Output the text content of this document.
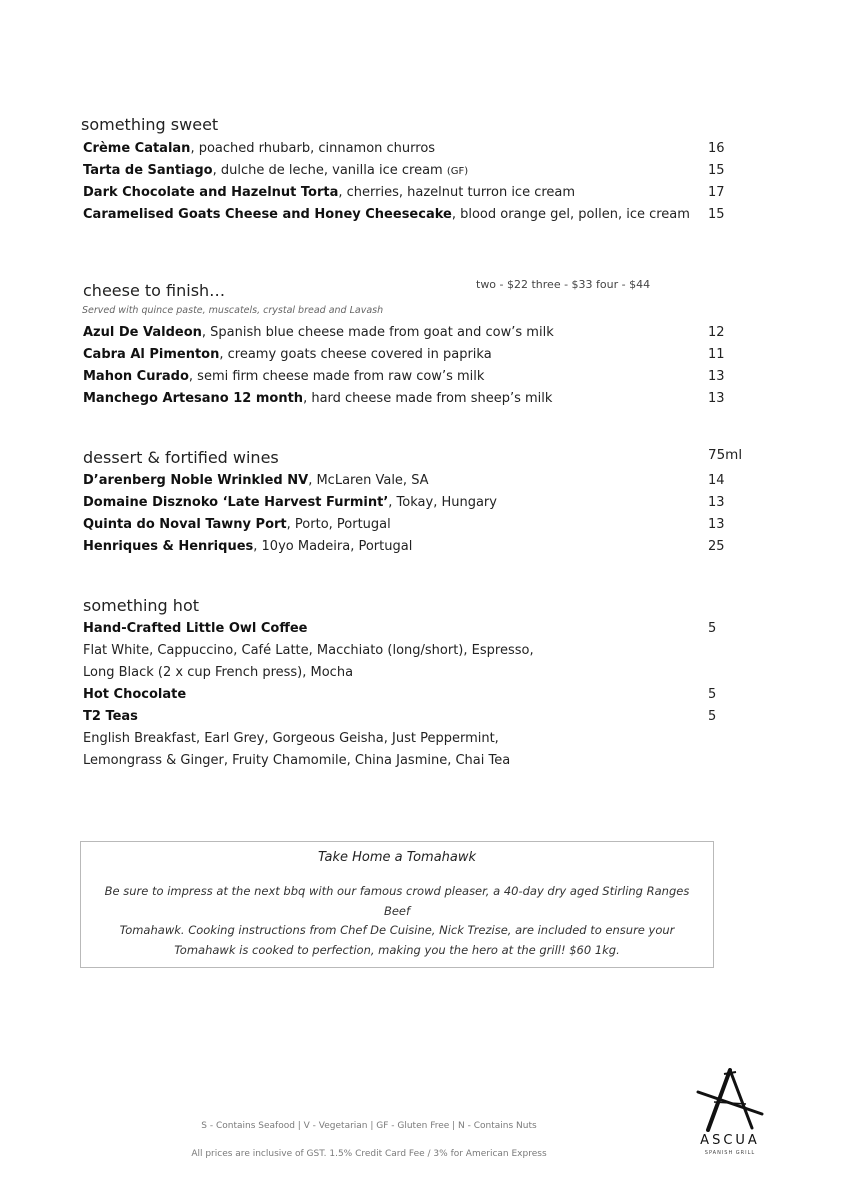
something sweet
Crème Catalan, poached rhubarb, cinnamon churros	16
Tarta de Santiago, dulche de leche, vanilla ice cream (GF)	15
Dark Chocolate and Hazelnut Torta, cherries, hazelnut turron ice cream	17
Caramelised Goats Cheese and Honey Cheesecake, blood orange gel, pollen, ice cream 15
cheese to finish…	two - $22 three - $33 four - $44
Served with quince paste, muscatels, crystal bread and Lavash
Azul De Valdeon, Spanish blue cheese made from goat and cow’s milk	12
Cabra Al Pimenton, creamy goats cheese covered in paprika	11
Mahon Curado, semi firm cheese made from raw cow’s milk	13
Manchego Artesano 12 month, hard cheese made from sheep’s milk	13
dessert & fortified wines	75ml
D’arenberg Noble Wrinkled NV, McLaren Vale, SA	14
Domaine Disznoko ‘Late Harvest Furmint’, Tokay, Hungary	13
Quinta do Noval Tawny Port, Porto, Portugal	13
Henriques & Henriques, 10yo Madeira, Portugal	25
something hot
Hand-Crafted Little Owl Coffee	5
Flat White, Cappuccino, Café Latte, Macchiato (long/short), Espresso,
Long Black (2 x cup French press), Mocha
Hot Chocolate	5
T2 Teas	5
English Breakfast, Earl Grey, Gorgeous Geisha, Just Peppermint,
Lemongrass & Ginger, Fruity Chamomile, China Jasmine, Chai Tea
Take Home a Tomahawk
Be sure to impress at the next bbq with our famous crowd pleaser, a 40-day dry aged Stirling Ranges Beef
Tomahawk. Cooking instructions from Chef De Cuisine, Nick Trezise, are included to ensure your
Tomahawk is cooked to perfection, making you the hero at the grill! $60 1kg.
S - Contains Seafood | V - Vegetarian | GF - Gluten Free | N - Contains Nuts
All prices are inclusive of GST. 1.5% Credit Card Fee / 3% for American Express
ASCUA
SPANISH GRILL
